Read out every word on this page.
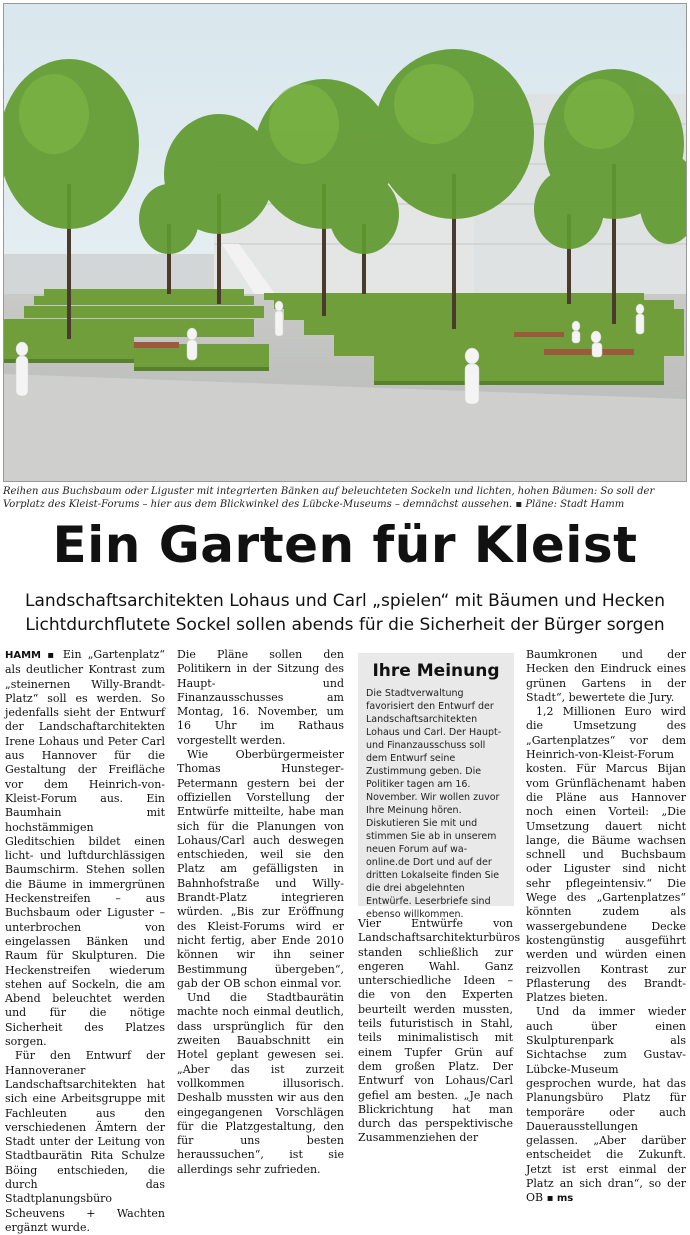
Reihen aus Buchsbaum oder Liguster mit integrierten Bänken auf beleuchteten Sockeln und lichten, hohen Bäumen: So soll der Vorplatz des Kleist-Forums – hier aus dem Blickwinkel des Lübcke-Museums – demnächst aussehen. ▪ Pläne: Stadt Hamm
Ein Garten für Kleist
Landschaftsarchitekten Lohaus und Carl „spielen“ mit Bäumen und Hecken
Lichtdurchflutete Sockel sollen abends für die Sicherheit der Bürger sorgen

HAMM ▪ Ein „Gartenplatz“ als deutlicher Kontrast zum „steinernen Willy-Brandt-Platz“ soll es werden. So jedenfalls sieht der Entwurf der Landschaftarchitekten Irene Lohaus und Peter Carl aus Hannover für die Gestaltung der Freifläche vor dem Heinrich-von-Kleist-Forum aus. Ein Baumhain mit hochstämmigen Gleditschien bildet einen licht- und luftdurchlässigen Baumschirm. Stehen sollen die Bäume in immergrünen Heckenstreifen – aus Buchsbaum oder Liguster – unterbrochen von eingelassen Bänken und Raum für Skulpturen. Die Heckenstreifen wiederum stehen auf Sockeln, die am Abend beleuchtet werden und für die nötige Sicherheit des Platzes sorgen.

Für den Entwurf der Hannoveraner Landschaftsarchitekten hat sich eine Arbeitsgruppe mit Fachleuten aus den verschiedenen Ämtern der Stadt unter der Leitung von Stadtbaurätin Rita Schulze Böing entschieden, die durch das Stadtplanungsbüro Scheuvens + Wachten ergänzt wurde.

Die Pläne sollen den Politikern in der Sitzung des Haupt- und Finanzausschusses am Montag, 16. November, um 16 Uhr im Rathaus vorgestellt werden.

Wie Oberbürgermeister Thomas Hunsteger-Petermann gestern bei der offiziellen Vorstellung der Entwürfe mitteilte, habe man sich für die Planungen von Lohaus/Carl auch deswegen entschieden, weil sie den Platz am gefälligsten in Bahnhofstraße und Willy-Brandt-Platz integrieren würden. „Bis zur Eröffnung des Kleist-Forums wird er nicht fertig, aber Ende 2010 können wir ihn seiner Bestimmung übergeben“, gab der OB schon einmal vor.

Und die Stadtbaurätin machte noch einmal deutlich, dass ursprünglich für den zweiten Bauabschnitt ein Hotel geplant gewesen sei. „Aber das ist zurzeit vollkommen illusorisch. Deshalb mussten wir aus den eingegangenen Vorschlägen für die Platzgestaltung, den für uns besten heraussuchen“, ist sie allerdings sehr zufrieden.

Ihre Meinung
Die Stadtverwaltung favorisiert den Entwurf der Landschaftsarchitekten Lohaus und Carl. Der Haupt- und Finanzausschuss soll dem Entwurf seine Zustimmung geben. Die Politiker tagen am 16. November. Wir wollen zuvor Ihre Meinung hören. Diskutieren Sie mit und stimmen Sie ab in unserem neuen Forum auf wa-online.de Dort und auf der dritten Lokalseite finden Sie die drei abgelehnten Entwürfe. Leserbriefe sind ebenso willkommen.

Vier Entwürfe von Landschaftsarchitekturbüros standen schließlich zur engeren Wahl. Ganz unterschiedliche Ideen – die von den Experten beurteilt werden mussten, teils futuristisch in Stahl, teils minimalistisch mit einem Tupfer Grün auf dem großen Platz. Der Entwurf von Lohaus/Carl gefiel am besten. „Je nach Blickrichtung hat man durch das perspektivische Zusammenziehen der

Baumkronen und der Hecken den Eindruck eines grünen Gartens in der Stadt“, bewertete die Jury.

1,2 Millionen Euro wird die Umsetzung des „Gartenplatzes“ vor dem Heinrich-von-Kleist-Forum kosten. Für Marcus Bijan vom Grünflächenamt haben die Pläne aus Hannover noch einen Vorteil: „Die Umsetzung dauert nicht lange, die Bäume wachsen schnell und Buchsbaum oder Liguster sind nicht sehr pflegeintensiv.“ Die Wege des „Gartenplatzes“ könnten zudem als wassergebundene Decke kostengünstig ausgeführt werden und würden einen reizvollen Kontrast zur Pflasterung des Brandt-Platzes bieten.

Und da immer wieder auch über einen Skulpturenpark als Sichtachse zum Gustav-Lübcke-Museum gesprochen wurde, hat das Planungsbüro Platz für temporäre oder auch Dauerausstellungen gelassen. „Aber darüber entscheidet die Zukunft. Jetzt ist erst einmal der Platz an sich dran“, so der OB ▪ ms
